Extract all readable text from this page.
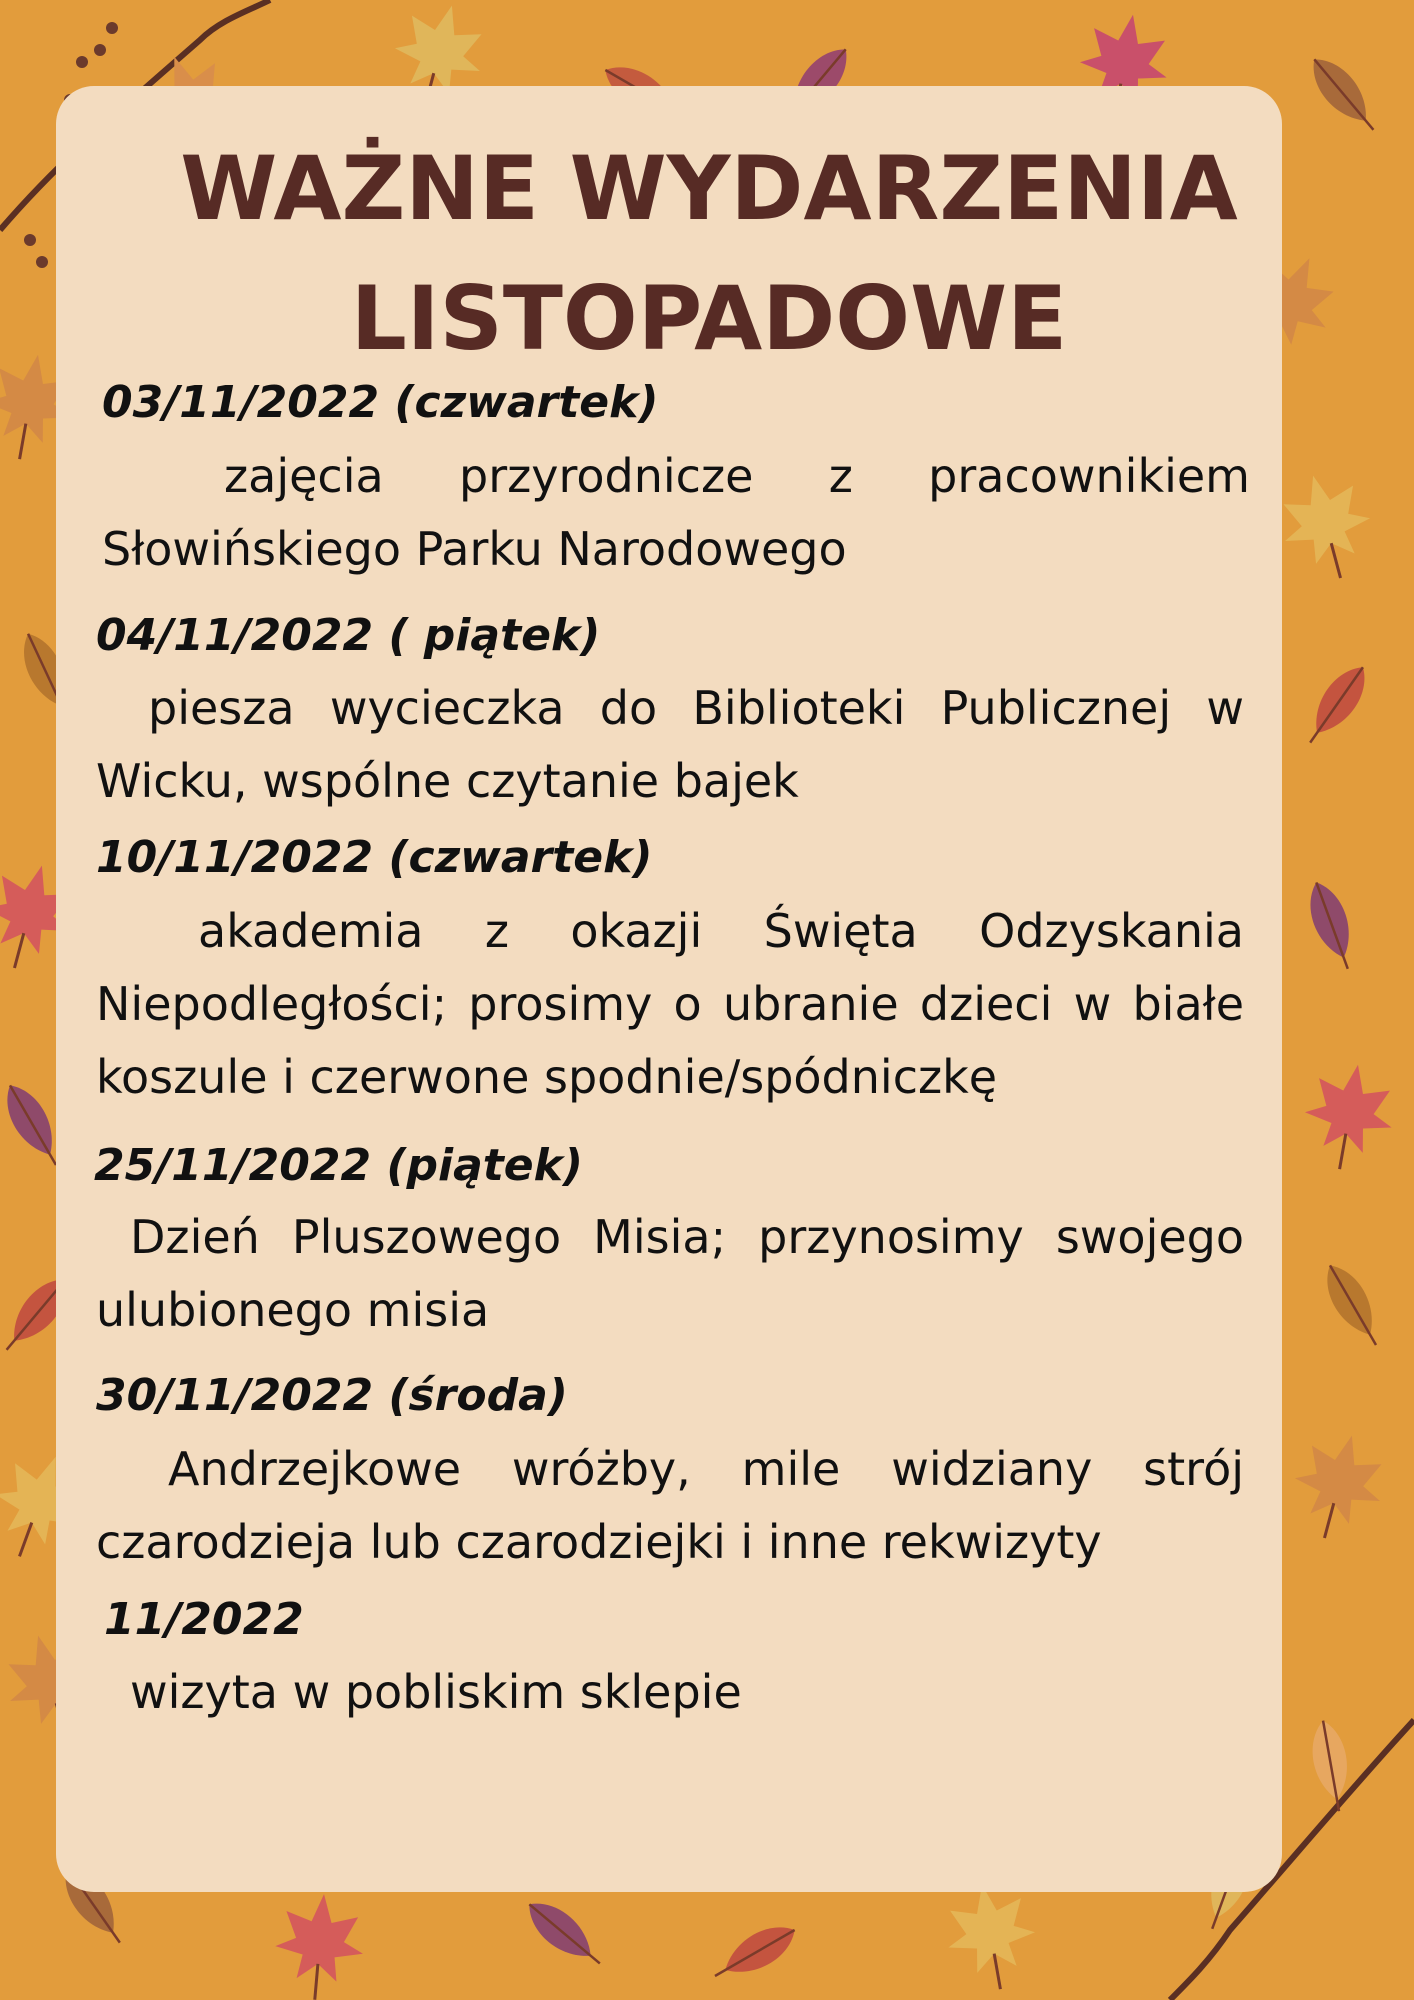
WAŻNE WYDARZENIA
LISTOPADOWE
03/11/2022 (czwartek)
zajęcia przyrodnicze z pracownikiem Słowińskiego Parku Narodowego
04/11/2022 ( piątek)
piesza wycieczka do Biblioteki Publicznej w Wicku, wspólne czytanie bajek
10/11/2022 (czwartek)
akademia z okazji Święta Odzyskania Niepodległości; prosimy o ubranie dzieci w białe koszule i czerwone spodnie/spódniczkę
25/11/2022 (piątek)
Dzień Pluszowego Misia; przynosimy swojego ulubionego misia
30/11/2022 (środa)
Andrzejkowe wróżby, mile widziany strój czarodzieja lub czarodziejki i inne rekwizyty
11/2022
wizyta w pobliskim sklepie
